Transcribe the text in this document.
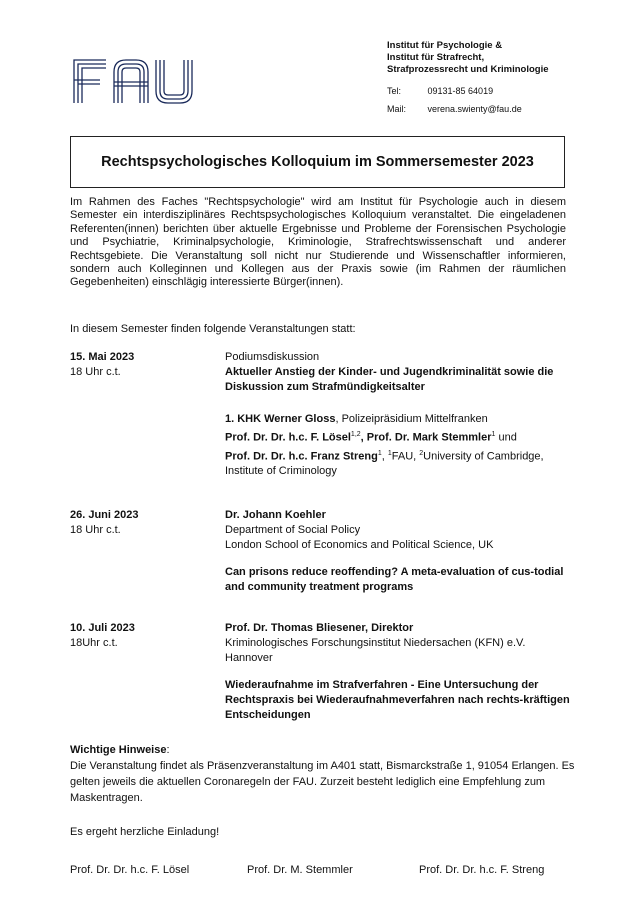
Institut für Psychologie &
Institut für Strafrecht,
Strafprozessrecht und Kriminologie
Tel:	09131-85 64019
Mail: verena.swienty@fau.de
Rechtspsychologisches Kolloquium im Sommersemester 2023
Im Rahmen des Faches "Rechtspsychologie" wird am Institut für Psychologie auch in diesem Semester ein interdisziplinäres Rechtspsychologisches Kolloquium veranstaltet. Die eingeladenen Referenten(innen) berichten über aktuelle Ergebnisse und Probleme der Forensischen Psychologie und Psychiatrie, Kriminalpsychologie, Kriminologie, Strafrechtswissenschaft und anderer Rechtsgebiete. Die Veranstaltung soll nicht nur Studierende und Wissenschaftler informieren, sondern auch Kolleginnen und Kollegen aus der Praxis sowie (im Rahmen der räumlichen Gegebenheiten) einschlägig interessierte Bürger(innen).
In diesem Semester finden folgende Veranstaltungen statt:
15. Mai 2023
18 Uhr c.t.
Podiumsdiskussion
Aktueller Anstieg der Kinder- und Jugendkriminalität sowie die Diskussion zum Strafmündigkeitsalter
1. KHK Werner Gloss, Polizeipräsidium Mittelfranken
Prof. Dr. Dr. h.c. F. Lösel$^{1,2}$, Prof. Dr. Mark Stemmler$^1$ und
Prof. Dr. Dr. h.c. Franz Streng$^1$, $^1$FAU, $^2$University of Cambridge, Institute of Criminology
26. Juni 2023
18 Uhr c.t.
Dr. Johann Koehler
Department of Social Policy
London School of Economics and Political Science, UK
Can prisons reduce reoffending? A meta-evaluation of cus-todial and community treatment programs
10. Juli 2023
18Uhr c.t.
Prof. Dr. Thomas Bliesener, Direktor
Kriminologisches Forschungsinstitut Niedersachen (KFN) e.V.
Hannover
Wiederaufnahme im Strafverfahren - Eine Untersuchung der Rechtspraxis bei Wiederaufnahmeverfahren nach rechts-kräftigen Entscheidungen
Wichtige Hinweise:
Die Veranstaltung findet als Präsenzveranstaltung im A401 statt, Bismarckstraße 1, 91054 Erlangen. Es gelten jeweils die aktuellen Coronaregeln der FAU. Zurzeit besteht lediglich eine Empfehlung zum Maskentragen.
Es ergeht herzliche Einladung!
Prof. Dr. Dr. h.c. F. Lösel	Prof. Dr. M. Stemmler	Prof. Dr. Dr. h.c. F. Streng
